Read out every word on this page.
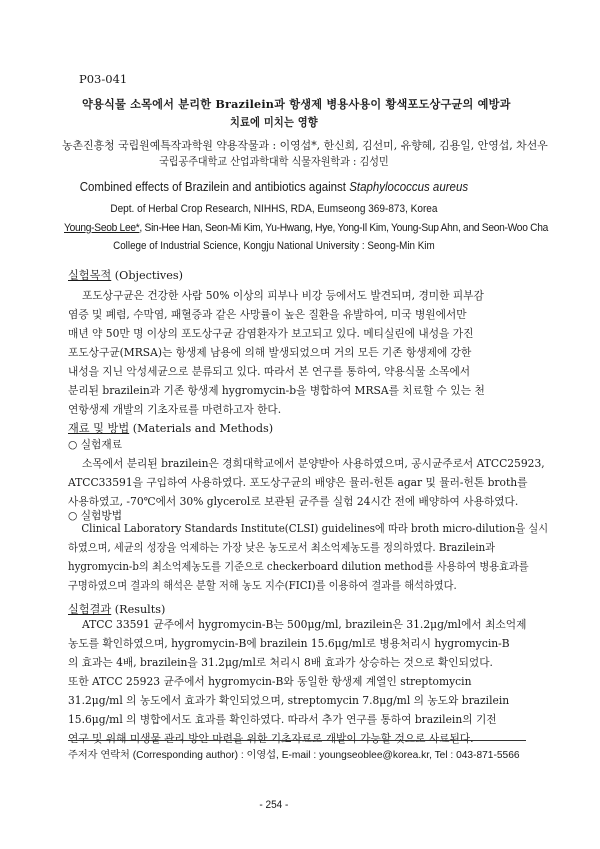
P03-041
약용식물 소목에서 분리한 Brazilein과 항생제 병용사용이 황색포도상구균의 예방과
치료에 미치는 영향
농촌진흥청 국립원예특작과학원 약용작물과 : 이영섭*, 한신희, 김선미, 유향혜, 김용일, 안영섭, 차선우
국립공주대학교 산업과학대학 식물자원학과 : 김성민
Combined effects of Brazilein and antibiotics against Staphylococcus aureus
Dept. of Herbal Crop Research, NIHHS, RDA, Eumseong 369-873, Korea
Young-Seob Lee*, Sin-Hee Han, Seon-Mi Kim, Yu-Hwang, Hye, Yong-Il Kim, Young-Sup Ahn, and Seon-Woo Cha
College of Industrial Science, Kongju National University : Seong-Min Kim
실험목적 (Objectives)
포도상구균은 건강한 사람 50% 이상의 피부나 비강 등에서도 발견되며, 경미한 피부감
염증 및 폐렴, 수막염, 패혈증과 같은 사망률이 높은 질환을 유발하여, 미국 병원에서만
매년 약 50만 명 이상의 포도상구균 감염환자가 보고되고 있다. 메티실린에 내성을 가진
포도상구균(MRSA)는 항생제 남용에 의해 발생되었으며 거의 모든 기존 항생제에 강한
내성을 지닌 악성세균으로 분류되고 있다. 따라서 본 연구를 통하여, 약용식물 소목에서
분리된 brazilein과 기존 항생제 hygromycin-b을 병합하여 MRSA를 치료할 수 있는 천
연항생제 개발의 기초자료를 마련하고자 한다.
재료 및 방법 (Materials and Methods)
○ 실험재료
소목에서 분리된 brazilein은 경희대학교에서 분양받아 사용하였으며, 공시균주로서 ATCC25923,
ATCC33591을 구입하여 사용하였다. 포도상구균의 배양은 뮬러-헌톤 agar 및 뮬러-헌톤 broth를
사용하였고, -70℃에서 30% glycerol로 보관된 균주를 실험 24시간 전에 배양하여 사용하였다.
○ 실험방법
Clinical Laboratory Standards Institute(CLSI) guidelines에 따라 broth micro-dilution을 실시
하였으며, 세균의 성장을 억제하는 가장 낮은 농도로서 최소억제농도를 정의하였다. Brazilein과
hygromycin-b의 최소억제농도를 기준으로 checkerboard dilution method를 사용하여 병용효과를
구명하였으며 결과의 해석은 분할 저해 농도 지수(FICI)를 이용하여 결과를 해석하였다.
실험결과 (Results)
ATCC 33591 균주에서 hygromycin-B는 500μg/ml, brazilein은 31.2μg/ml에서 최소억제
농도를 확인하였으며, hygromycin-B에 brazilein 15.6μg/ml로 병용처리시 hygromycin-B
의 효과는 4배, brazilein을 31.2μg/ml로 처리시 8배 효과가 상승하는 것으로 확인되었다.
또한 ATCC 25923 균주에서 hygromycin-B와 동일한 항생제 계열인 streptomycin
31.2μg/ml 의 농도에서 효과가 확인되었으며, streptomycin 7.8μg/ml 의 농도와 brazilein
15.6μg/ml 의 병합에서도 효과를 확인하였다. 따라서 추가 연구를 통하여 brazilein의 기전
연구 및 위해 미생물 관리 방안 마련을 위한 기초자료로 개발이 가능할 것으로 사료된다.
주저자 연락처 (Corresponding author) : 이영섭, E-mail : youngseoblee@korea.kr, Tel : 043-871-5566
- 254 -
